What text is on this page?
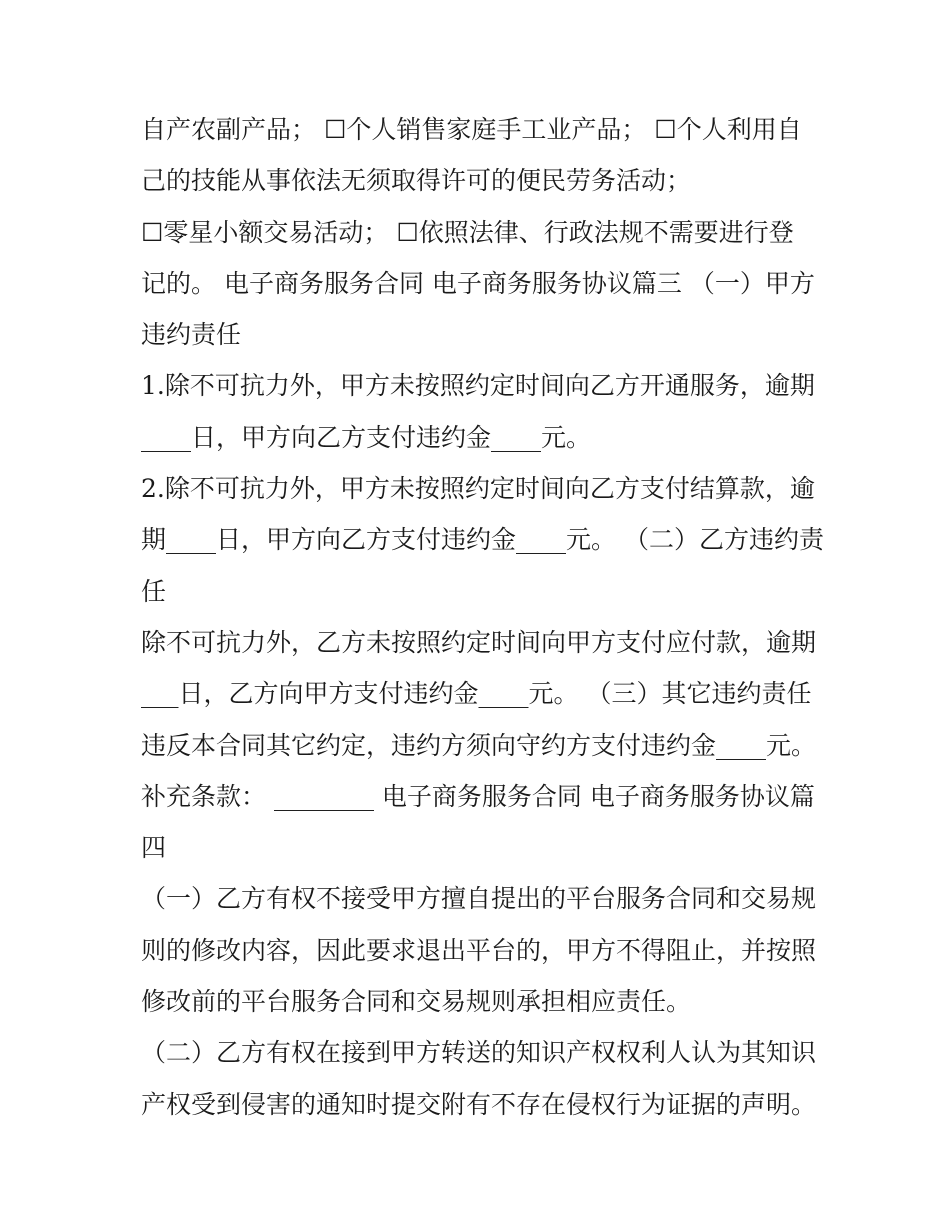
自产农副产品； ☐个人销售家庭手工业产品； ☐个人利用自
己的技能从事依法无须取得许可的便民劳务活动；
☐零星小额交易活动； ☐依照法律、行政法规不需要进行登
记的。 电子商务服务合同 电子商务服务协议篇三 （一）甲方
违约责任
1.除不可抗力外，甲方未按照约定时间向乙方开通服务，逾期
____日，甲方向乙方支付违约金____元。
2.除不可抗力外，甲方未按照约定时间向乙方支付结算款，逾
期____日，甲方向乙方支付违约金____元。 （二）乙方违约责
任
除不可抗力外，乙方未按照约定时间向甲方支付应付款，逾期
___日，乙方向甲方支付违约金____元。 （三）其它违约责任
违反本合同其它约定，违约方须向守约方支付违约金____元。
补充条款： ________ 电子商务服务合同 电子商务服务协议篇
四
（一）乙方有权不接受甲方擅自提出的平台服务合同和交易规
则的修改内容，因此要求退出平台的，甲方不得阻止，并按照
修改前的平台服务合同和交易规则承担相应责任。
（二）乙方有权在接到甲方转送的知识产权权利人认为其知识
产权受到侵害的通知时提交附有不存在侵权行为证据的声明。
